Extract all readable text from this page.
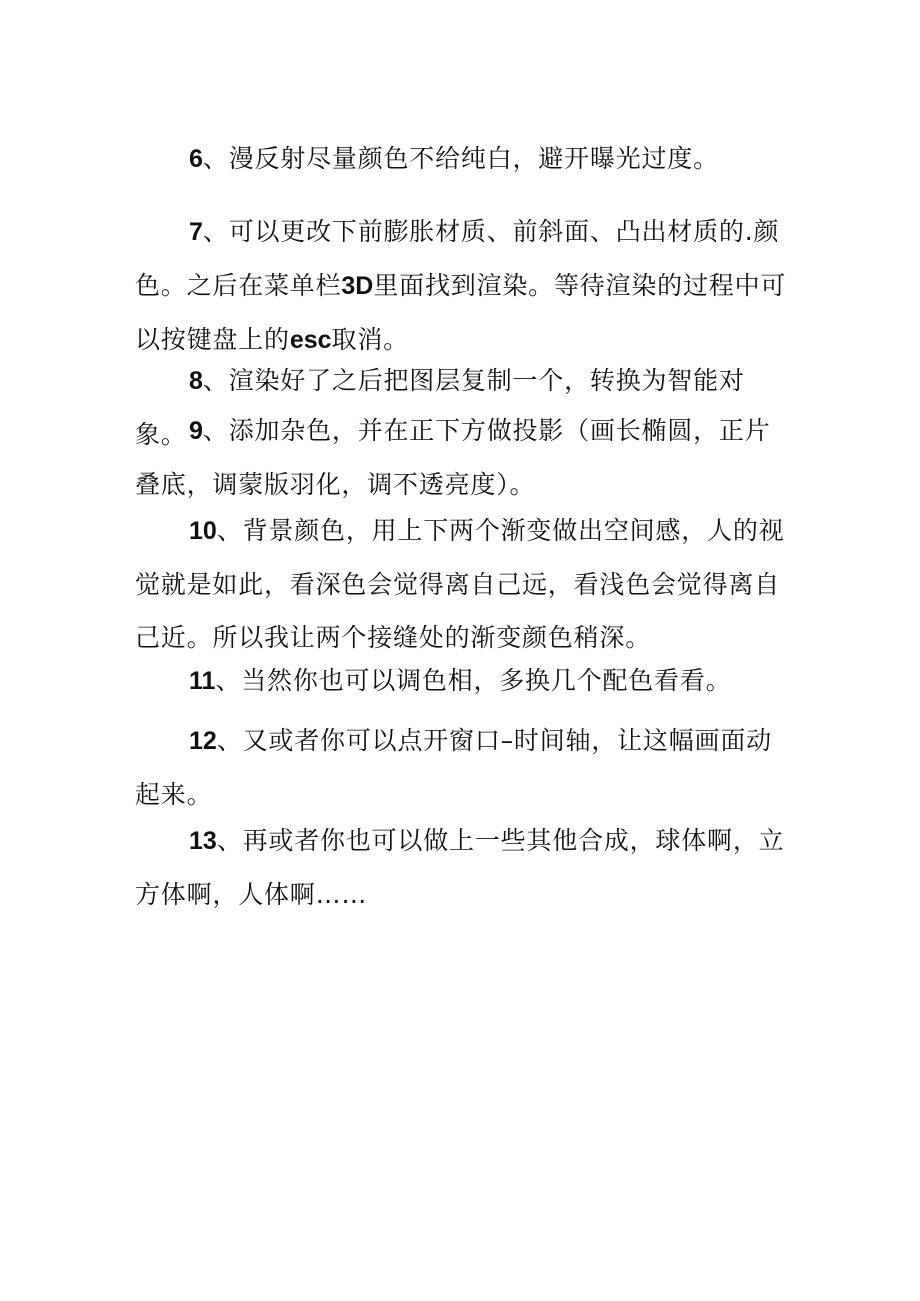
6、漫反射尽量颜色不给纯白，避开曝光过度。

7、可以更改下前膨胀材质、前斜面、凸出材质的.颜色。之后在菜单栏3D里面找到渲染。等待渲染的过程中可以按键盘上的esc取消。

8、渲染好了之后把图层复制一个，转换为智能对象。 9、添加杂色，并在正下方做投影（画长椭圆，正片叠底，调蒙版羽化，调不透亮度）。

10、背景颜色，用上下两个渐变做出空间感，人的视觉就是如此，看深色会觉得离自己远，看浅色会觉得离自己近。所以我让两个接缝处的渐变颜色稍深。

11、当然你也可以调色相，多换几个配色看看。

12、又或者你可以点开窗口–时间轴，让这幅画面动起来。

13、再或者你也可以做上一些其他合成，球体啊，立方体啊，人体啊……
